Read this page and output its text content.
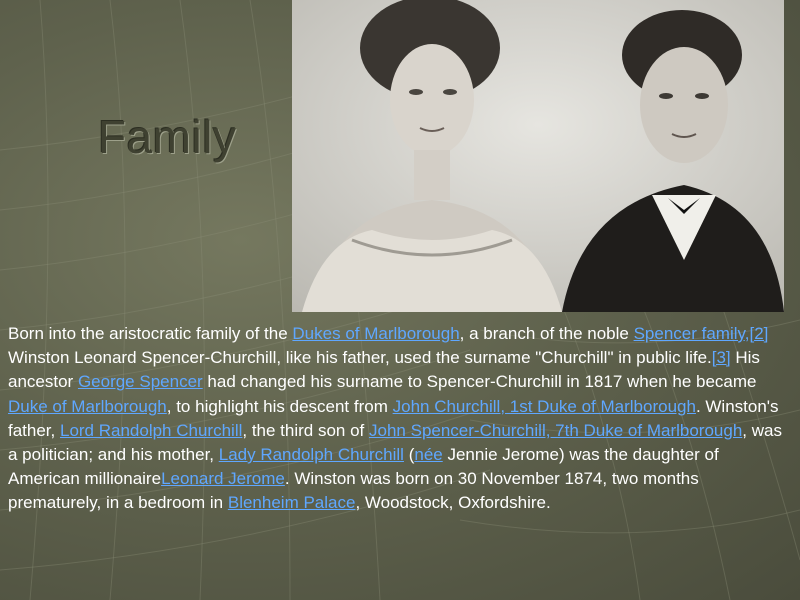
Family
Born into the aristocratic family of the Dukes of Marlborough, a branch of the noble Spencer family,[2] Winston Leonard Spencer-Churchill, like his father, used the surname "Churchill" in public life.[3] His ancestor George Spencer had changed his surname to Spencer-Churchill in 1817 when he became Duke of Marlborough, to highlight his descent from John Churchill, 1st Duke of Marlborough. Winston's father, Lord Randolph Churchill, the third son of John Spencer-Churchill, 7th Duke of Marlborough, was a politician; and his mother, Lady Randolph Churchill (née Jennie Jerome) was the daughter of American millionaireLeonard Jerome. Winston was born on 30 November 1874, two months prematurely, in a bedroom in Blenheim Palace, Woodstock, Oxfordshire.
